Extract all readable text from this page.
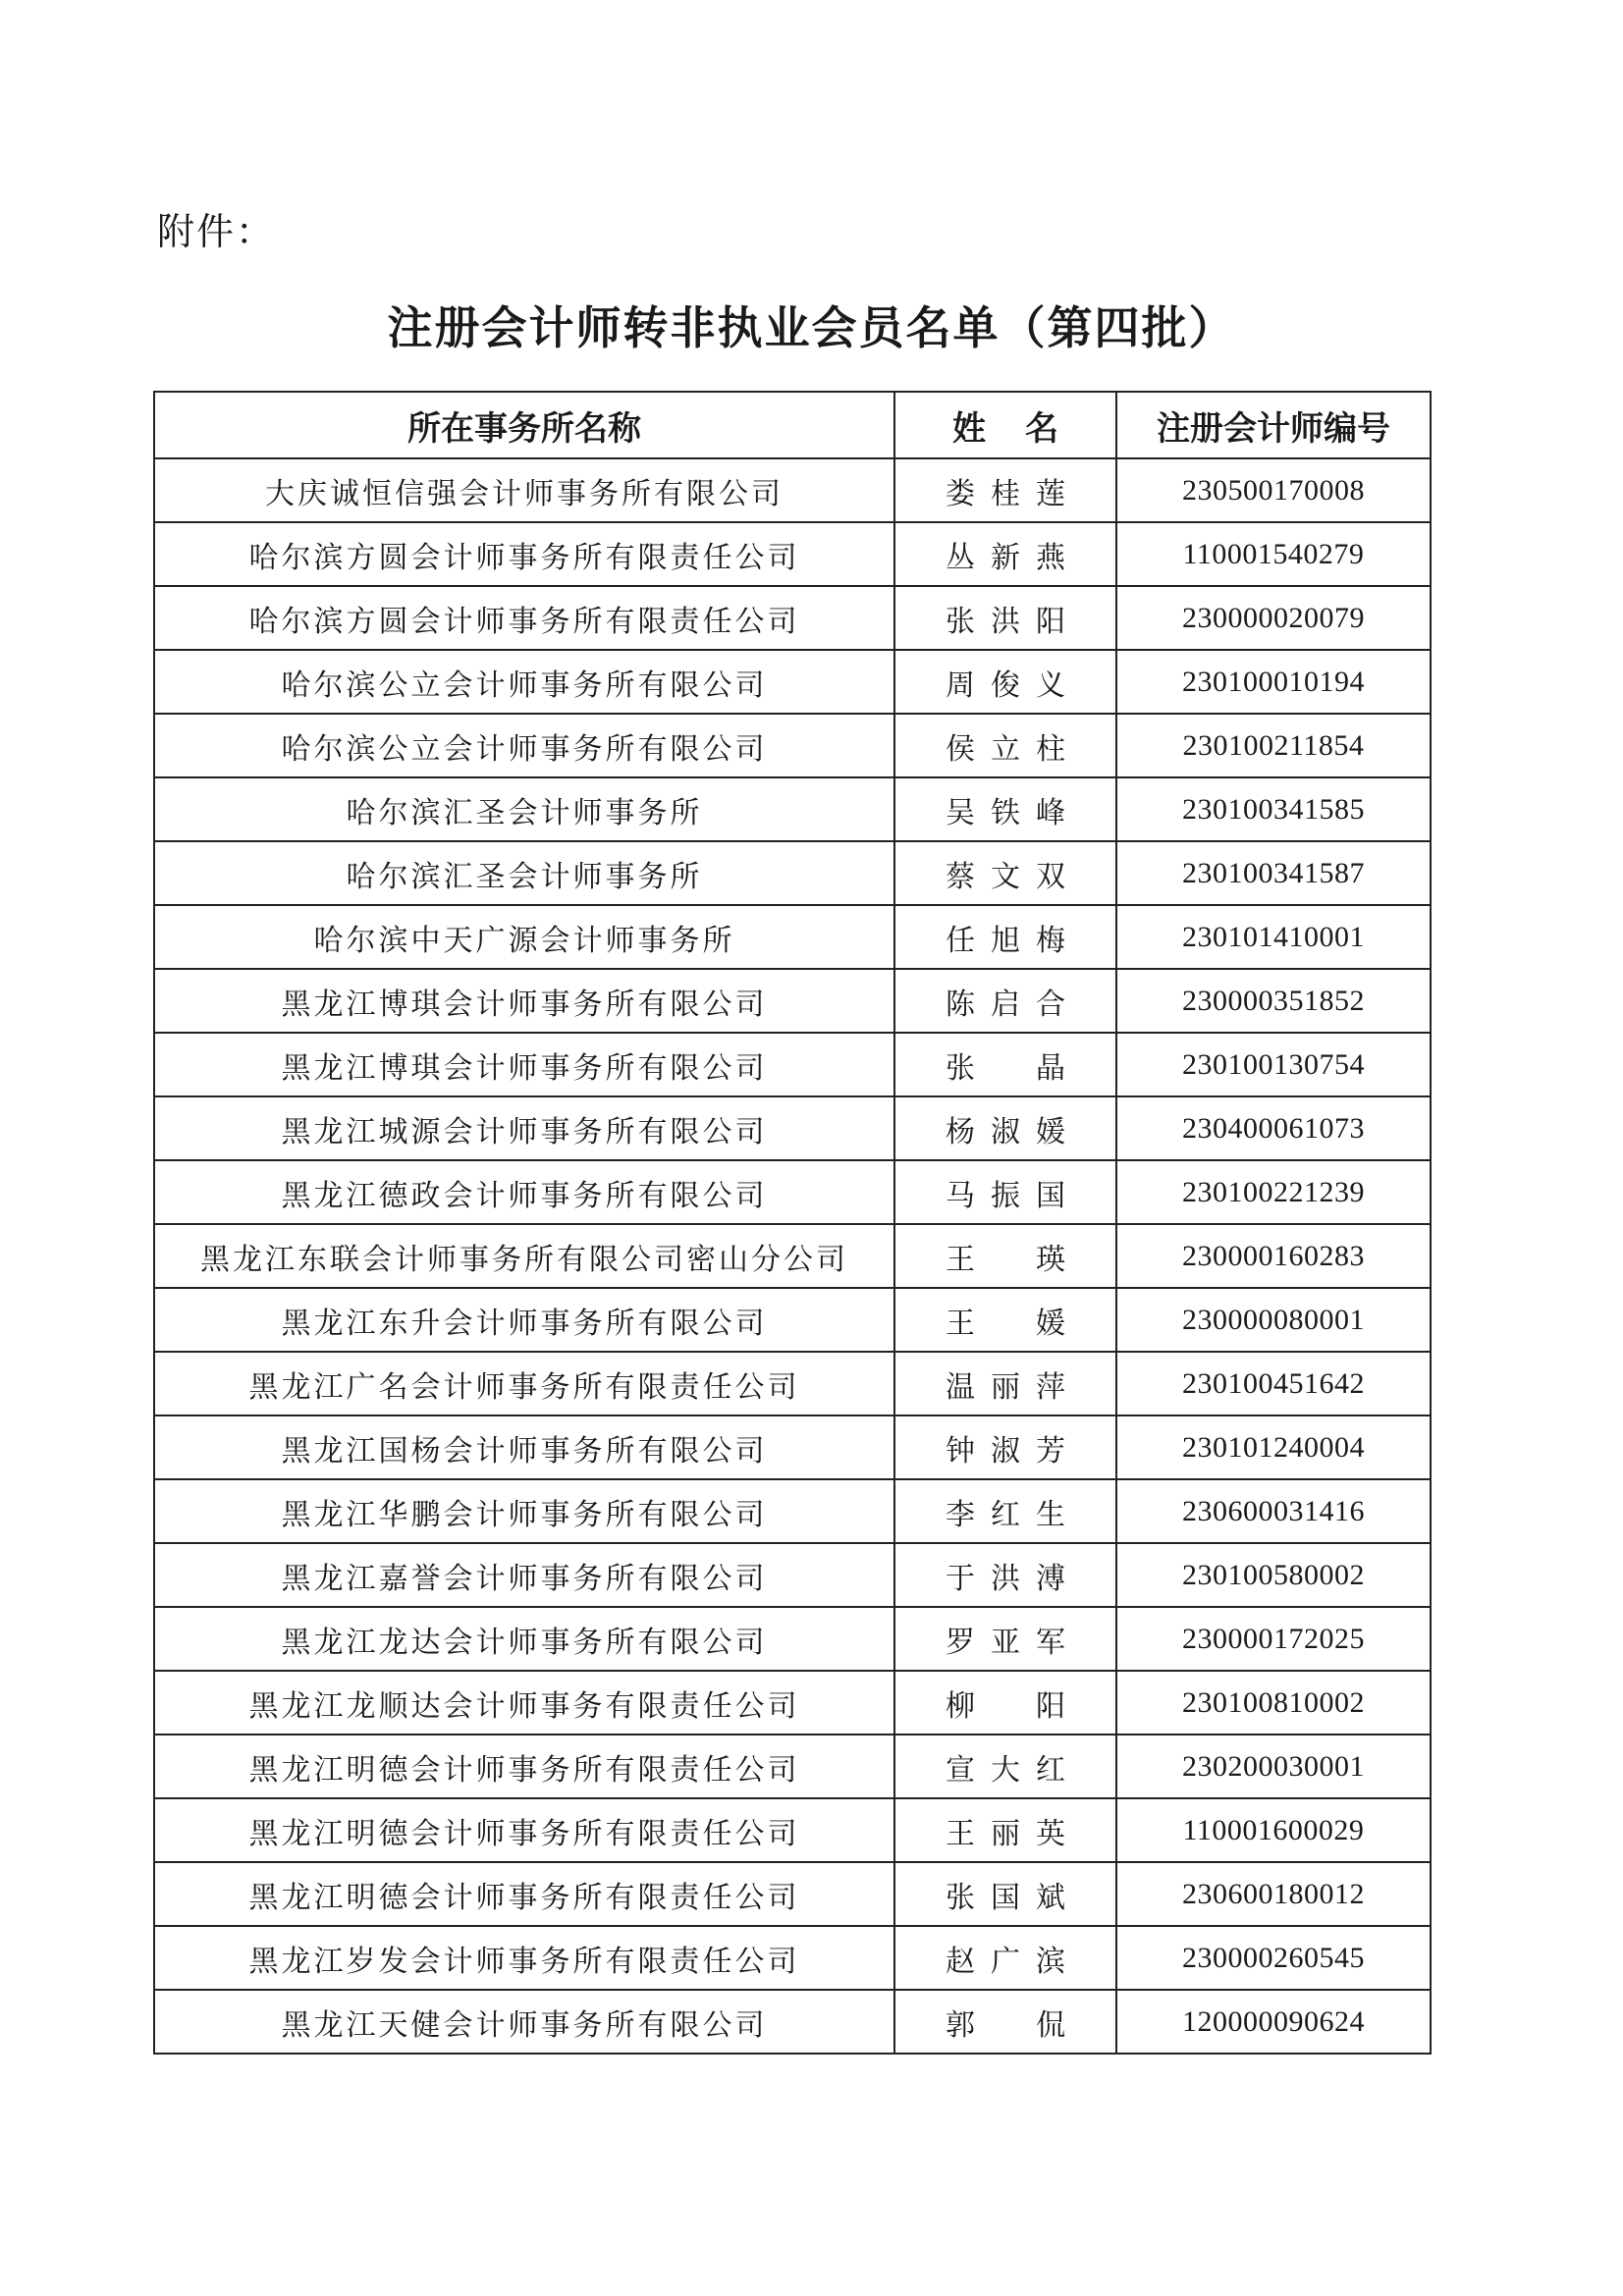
附件：
注册会计师转非执业会员名单（第四批）
所在事务所名称	姓名	注册会计师编号
大庆诚恒信强会计师事务所有限公司	娄桂莲	230500170008
哈尔滨方圆会计师事务所有限责任公司	丛新燕	110001540279
哈尔滨方圆会计师事务所有限责任公司	张洪阳	230000020079
哈尔滨公立会计师事务所有限公司	周俊义	230100010194
哈尔滨公立会计师事务所有限公司	侯立柱	230100211854
哈尔滨汇圣会计师事务所	吴铁峰	230100341585
哈尔滨汇圣会计师事务所	蔡文双	230100341587
哈尔滨中天广源会计师事务所	任旭梅	230101410001
黑龙江博琪会计师事务所有限公司	陈启合	230000351852
黑龙江博琪会计师事务所有限公司	张　晶	230100130754
黑龙江城源会计师事务所有限公司	杨淑媛	230400061073
黑龙江德政会计师事务所有限公司	马振国	230100221239
黑龙江东联会计师事务所有限公司密山分公司	王　瑛	230000160283
黑龙江东升会计师事务所有限公司	王　媛	230000080001
黑龙江广名会计师事务所有限责任公司	温丽萍	230100451642
黑龙江国杨会计师事务所有限公司	钟淑芳	230101240004
黑龙江华鹏会计师事务所有限公司	李红生	230600031416
黑龙江嘉誉会计师事务所有限公司	于洪溥	230100580002
黑龙江龙达会计师事务所有限公司	罗亚军	230000172025
黑龙江龙顺达会计师事务有限责任公司	柳　阳	230100810002
黑龙江明德会计师事务所有限责任公司	宣大红	230200030001
黑龙江明德会计师事务所有限责任公司	王丽英	110001600029
黑龙江明德会计师事务所有限责任公司	张国斌	230600180012
黑龙江岁发会计师事务所有限责任公司	赵广滨	230000260545
黑龙江天健会计师事务所有限公司	郭　侃	120000090624
